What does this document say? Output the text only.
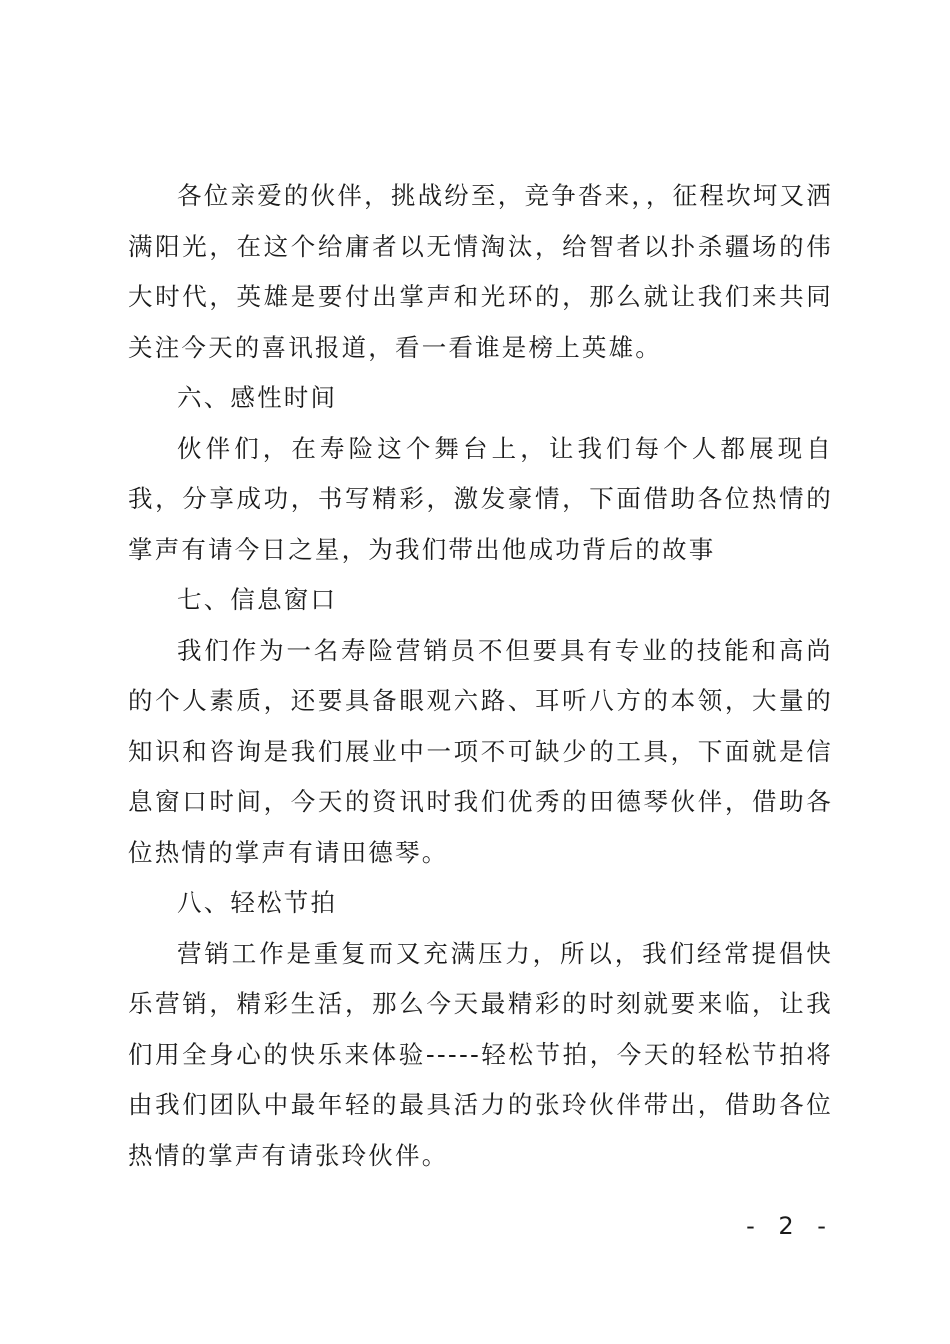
各位亲爱的伙伴，挑战纷至，竞争沓来，，征程坎坷又洒满阳光，在这个给庸者以无情淘汰，给智者以扑杀疆场的伟大时代，英雄是要付出掌声和光环的，那么就让我们来共同关注今天的喜讯报道，看一看谁是榜上英雄。

六、感性时间

伙伴们，在寿险这个舞台上，让我们每个人都展现自我，分享成功，书写精彩，激发豪情，下面借助各位热情的掌声有请今日之星，为我们带出他成功背后的故事

七、信息窗口

我们作为一名寿险营销员不但要具有专业的技能和高尚的个人素质，还要具备眼观六路、耳听八方的本领，大量的知识和咨询是我们展业中一项不可缺少的工具，下面就是信息窗口时间，今天的资讯时我们优秀的田德琴伙伴，借助各位热情的掌声有请田德琴。

八、轻松节拍

营销工作是重复而又充满压力，所以，我们经常提倡快乐营销，精彩生活，那么今天最精彩的时刻就要来临，让我们用全身心的快乐来体验-----轻松节拍，今天的轻松节拍将由我们团队中最年轻的最具活力的张玲伙伴带出，借助各位热情的掌声有请张玲伙伴。

- 2 -
